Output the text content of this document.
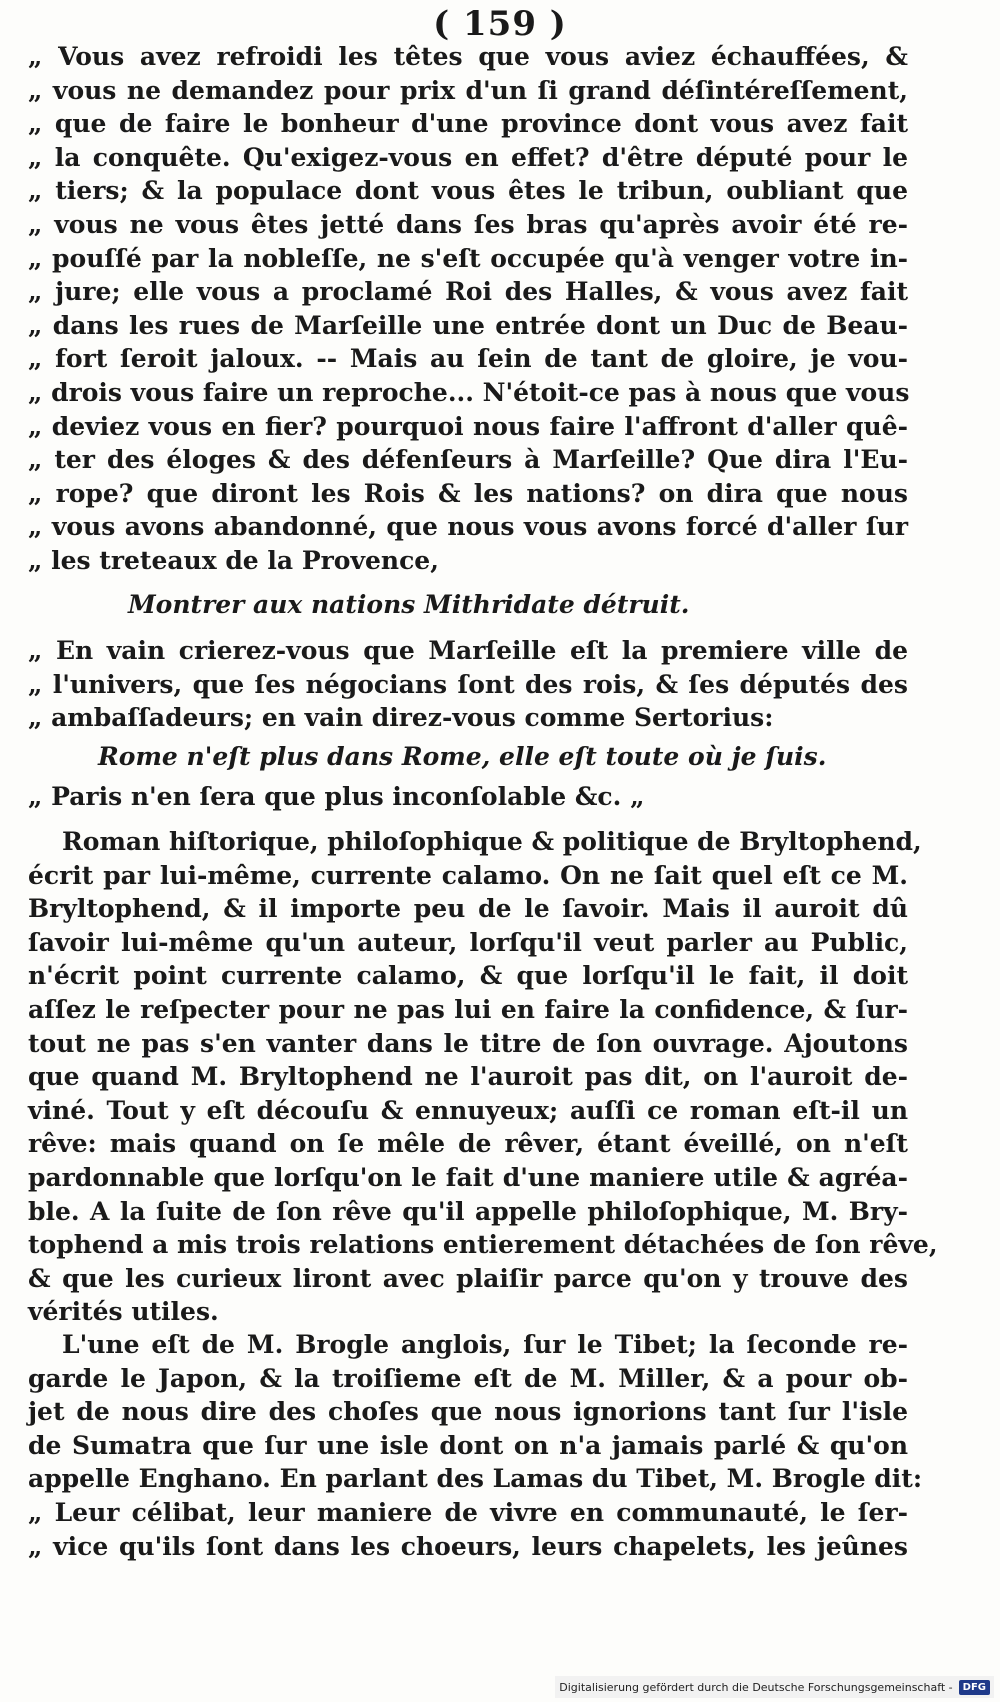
( 159 )
„ Vous avez refroidi les têtes que vous aviez échauffées, &
„ vous ne demandez pour prix d'un ſi grand déſintéreſſement,
„ que de faire le bonheur d'une province dont vous avez fait
„ la conquête. Qu'exigez-vous en effet? d'être député pour le
„ tiers; & la populace dont vous êtes le tribun, oubliant que
„ vous ne vous êtes jetté dans ſes bras qu'après avoir été re-
„ pouſſé par la nobleſſe, ne s'eſt occupée qu'à venger votre in-
„ jure; elle vous a proclamé Roi des Halles, & vous avez fait
„ dans les rues de Marſeille une entrée dont un Duc de Beau-
„ fort ſeroit jaloux. -- Mais au ſein de tant de gloire, je vou-
„ drois vous faire un reproche... N'étoit-ce pas à nous que vous
„ deviez vous en fier? pourquoi nous faire l'affront d'aller quê-
„ ter des éloges & des défenſeurs à Marſeille? Que dira l'Eu-
„ rope? que diront les Rois & les nations? on dira que nous
„ vous avons abandonné, que nous vous avons forcé d'aller ſur
„ les treteaux de la Provence,
Montrer aux nations Mithridate détruit.
„ En vain crierez-vous que Marſeille eſt la premiere ville de
„ l'univers, que ſes négocians ſont des rois, & ſes députés des
„ ambaſſadeurs; en vain direz-vous comme Sertorius:
Rome n'eſt plus dans Rome, elle eſt toute où je ſuis.
„ Paris n'en ſera que plus inconſolable &c. „
Roman hiſtorique, philoſophique & politique de Bryltophend,
écrit par lui-même, currente calamo. On ne ſait quel eſt ce M.
Bryltophend, & il importe peu de le ſavoir. Mais il auroit dû
ſavoir lui-même qu'un auteur, lorſqu'il veut parler au Public,
n'écrit point currente calamo, & que lorſqu'il le fait, il doit
aſſez le reſpecter pour ne pas lui en faire la confidence, & ſur-
tout ne pas s'en vanter dans le titre de ſon ouvrage. Ajoutons
que quand M. Bryltophend ne l'auroit pas dit, on l'auroit de-
viné. Tout y eſt découſu & ennuyeux; auſſi ce roman eſt-il un
rêve: mais quand on ſe mêle de rêver, étant éveillé, on n'eſt
pardonnable que lorſqu'on le fait d'une maniere utile & agréa-
ble. A la ſuite de ſon rêve qu'il appelle philoſophique, M. Bry-
tophend a mis trois relations entierement détachées de ſon rêve,
& que les curieux liront avec plaiſir parce qu'on y trouve des
vérités utiles.
L'une eſt de M. Brogle anglois, ſur le Tibet; la ſeconde re-
garde le Japon, & la troiſieme eſt de M. Miller, & a pour ob-
jet de nous dire des choſes que nous ignorions tant ſur l'isle
de Sumatra que ſur une isle dont on n'a jamais parlé & qu'on
appelle Enghano. En parlant des Lamas du Tibet, M. Brogle dit:
„ Leur célibat, leur maniere de vivre en communauté, le ſer-
„ vice qu'ils ſont dans les choeurs, leurs chapelets, les jeûnes
Digitalisierung gefördert durch die Deutsche Forschungsgemeinschaft -	DFG
